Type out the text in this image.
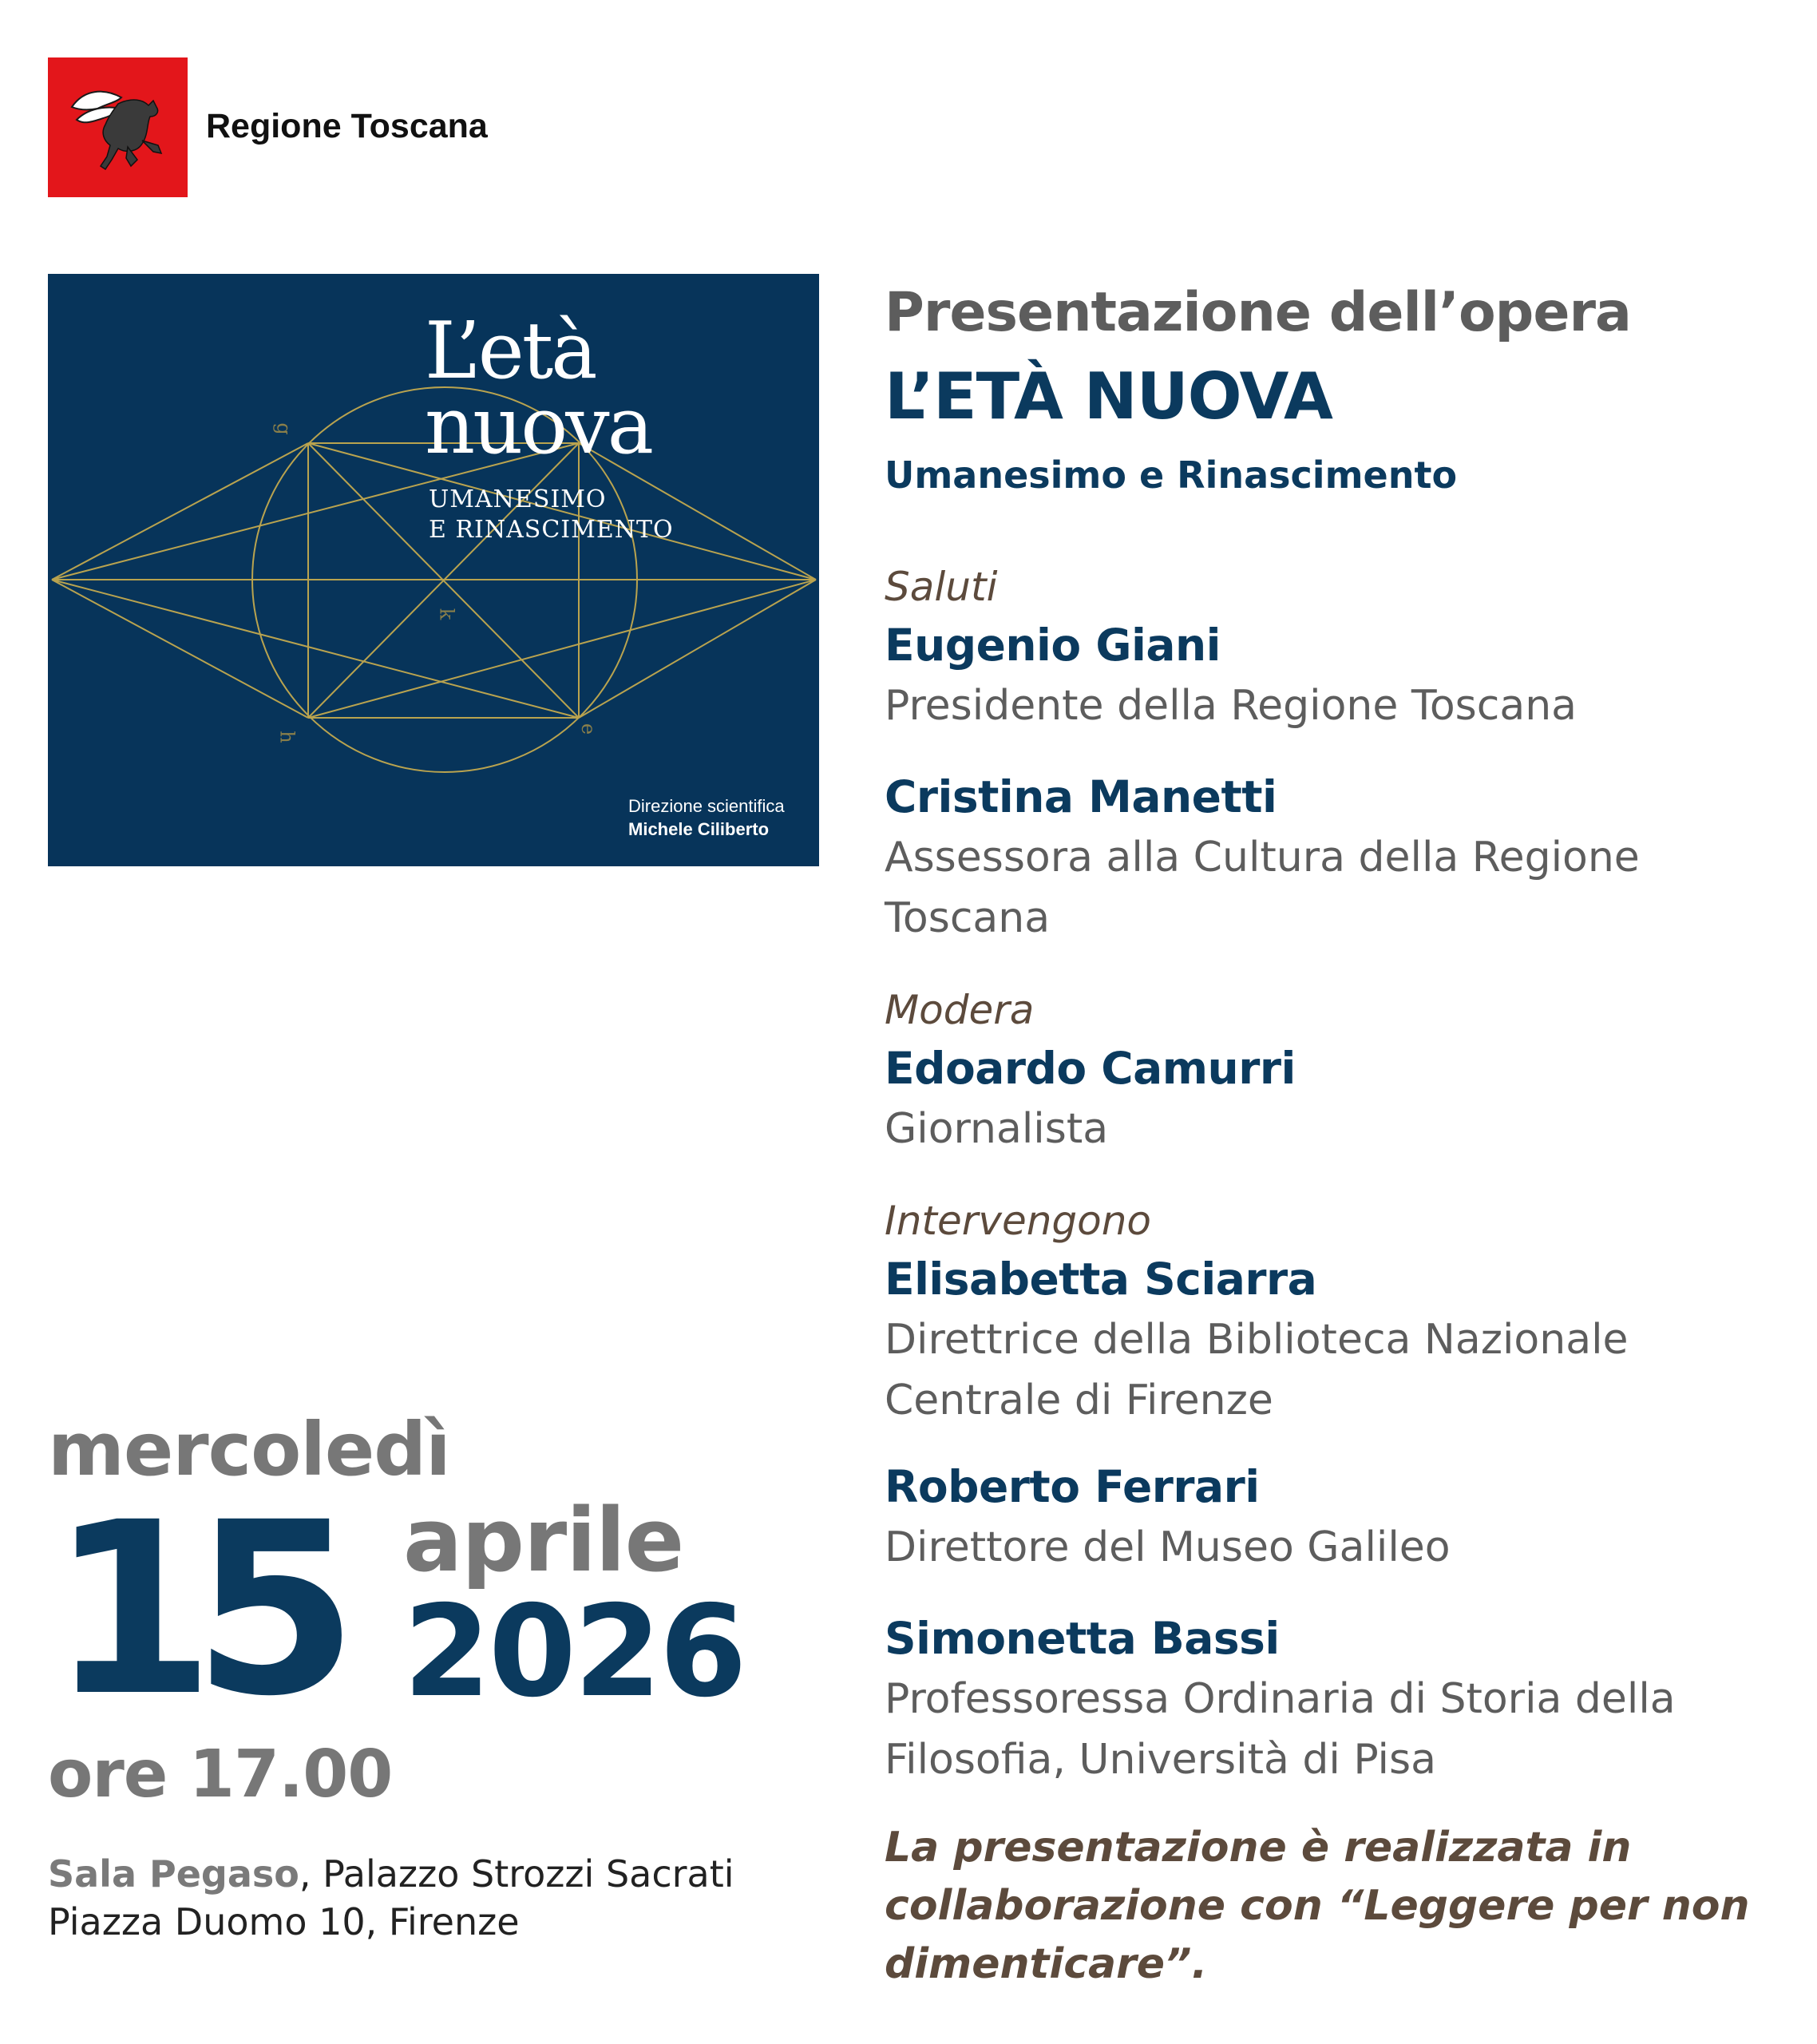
Regione Toscana
g
k
h
e
L’età
nuova
UMANESIMO
E RINASCIMENTO
Direzione scientifica
Michele Ciliberto
Presentazione dell’opera
L’ETÀ NUOVA
Umanesimo e Rinascimento
Saluti
Eugenio Giani
Presidente della Regione Toscana
Cristina Manetti
Assessora alla Cultura della Regione Toscana
Modera
Edoardo Camurri
Giornalista
Intervengono
Elisabetta Sciarra
Direttrice della Biblioteca Nazionale Centrale di Firenze
Roberto Ferrari
Direttore del Museo Galileo
Simonetta Bassi
Professoressa Ordinaria di Storia della Filosofia, Università di Pisa
La presentazione è realizzata in collaborazione con “Leggere per non dimenticare”.
mercoledì
15 aprile
2026
ore 17.00
Sala Pegaso, Palazzo Strozzi Sacrati
Piazza Duomo 10, Firenze
